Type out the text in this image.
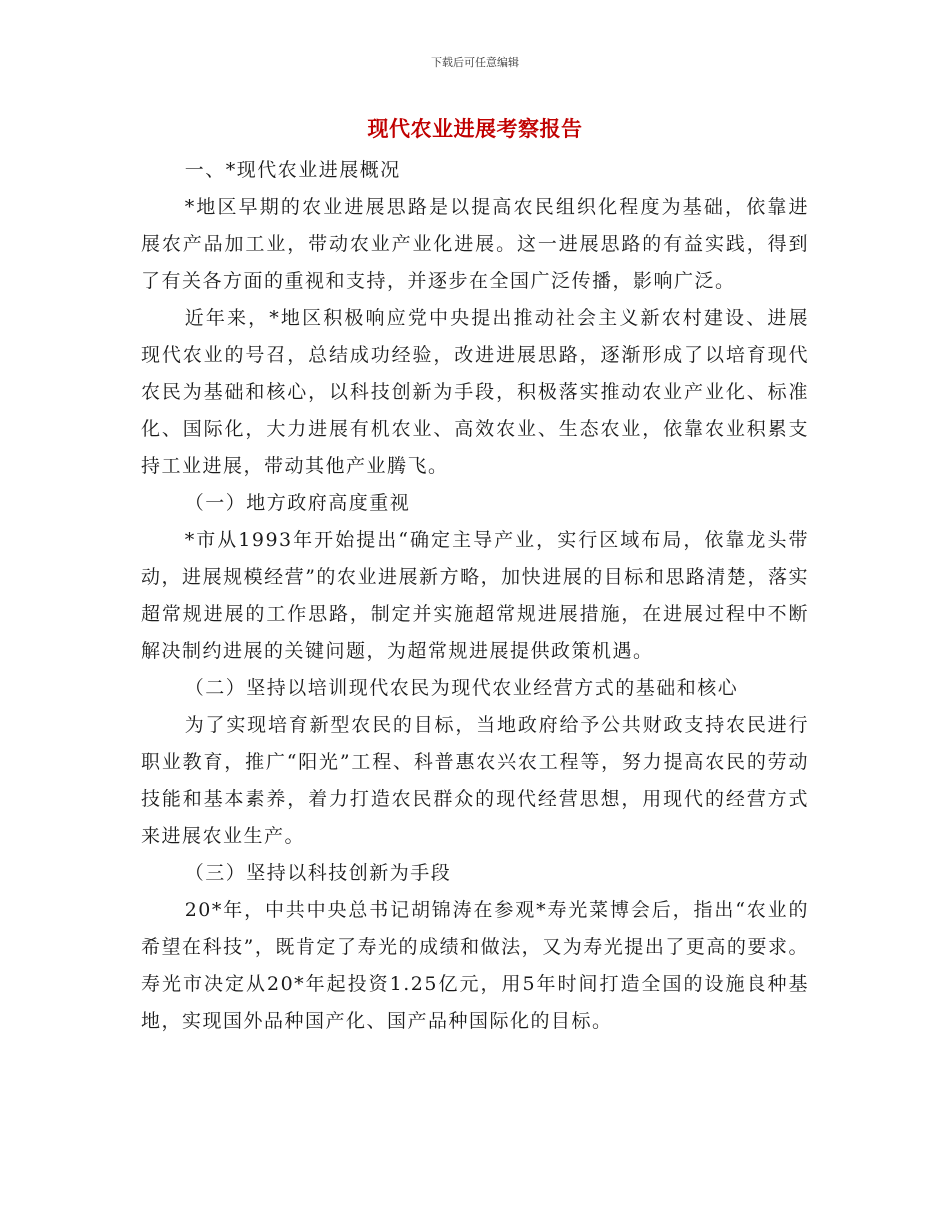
下载后可任意编辑
现代农业进展考察报告

一、*现代农业进展概况

*地区早期的农业进展思路是以提高农民组织化程度为基础，依靠进展农产品加工业，带动农业产业化进展。这一进展思路的有益实践，得到了有关各方面的重视和支持，并逐步在全国广泛传播，影响广泛。

近年来，*地区积极响应党中央提出推动社会主义新农村建设、进展现代农业的号召，总结成功经验，改进进展思路，逐渐形成了以培育现代农民为基础和核心，以科技创新为手段，积极落实推动农业产业化、标准化、国际化，大力进展有机农业、高效农业、生态农业，依靠农业积累支持工业进展，带动其他产业腾飞。

（一）地方政府高度重视

*市从1993年开始提出“确定主导产业，实行区域布局，依靠龙头带动，进展规模经营”的农业进展新方略，加快进展的目标和思路清楚，落实超常规进展的工作思路，制定并实施超常规进展措施，在进展过程中不断解决制约进展的关键问题，为超常规进展提供政策机遇。

（二）坚持以培训现代农民为现代农业经营方式的基础和核心

为了实现培育新型农民的目标，当地政府给予公共财政支持农民进行职业教育，推广“阳光”工程、科普惠农兴农工程等，努力提高农民的劳动技能和基本素养，着力打造农民群众的现代经营思想，用现代的经营方式来进展农业生产。

（三）坚持以科技创新为手段

20*年，中共中央总书记胡锦涛在参观*寿光菜博会后，指出“农业的希望在科技”，既肯定了寿光的成绩和做法，又为寿光提出了更高的要求。寿光市决定从20*年起投资1.25亿元，用5年时间打造全国的设施良种基地，实现国外品种国产化、国产品种国际化的目标。
